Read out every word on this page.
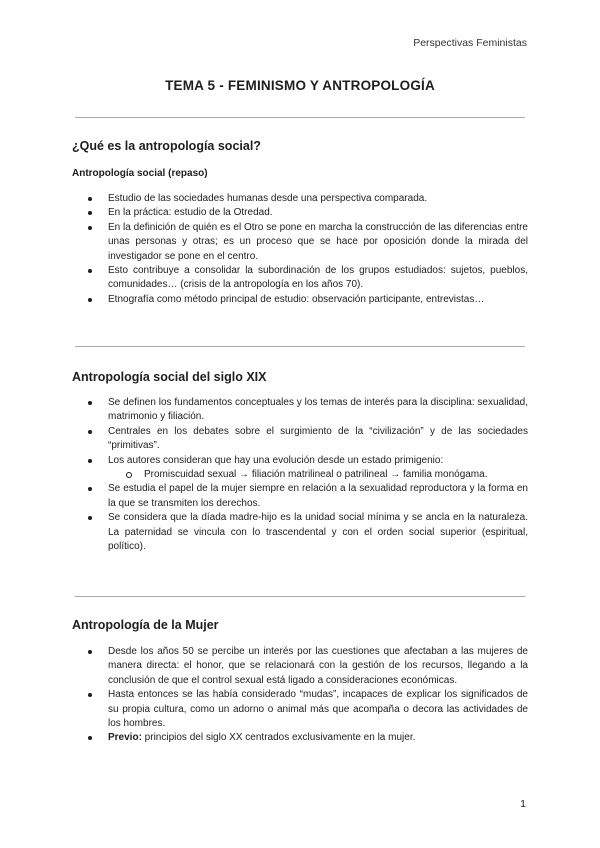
Perspectivas Feministas
TEMA 5 - FEMINISMO Y ANTROPOLOGÍA
¿Qué es la antropología social?
Antropología social (repaso)
Estudio de las sociedades humanas desde una perspectiva comparada.
En la práctica: estudio de la Otredad.
En la definición de quién es el Otro se pone en marcha la construcción de las diferencias entre unas personas y otras; es un proceso que se hace por oposición donde la mirada del investigador se pone en el centro.
Esto contribuye a consolidar la subordinación de los grupos estudiados: sujetos, pueblos, comunidades… (crisis de la antropología en los años 70).
Etnografía como método principal de estudio: observación participante, entrevistas…
Antropología social del siglo XIX
Se definen los fundamentos conceptuales y los temas de interés para la disciplina: sexualidad, matrimonio y filiación.
Centrales en los debates sobre el surgimiento de la “civilización” y de las sociedades “primitivas”.
Los autores consideran que hay una evolución desde un estado primigenio:
Promiscuidad sexual → filiación matrilineal o patrilineal → familia monógama.
Se estudia el papel de la mujer siempre en relación a la sexualidad reproductora y la forma en la que se transmiten los derechos.
Se considera que la díada madre-hijo es la unidad social mínima y se ancla en la naturaleza. La paternidad se vincula con lo trascendental y con el orden social superior (espiritual, político).
Antropología de la Mujer
Desde los años 50 se percibe un interés por las cuestiones que afectaban a las mujeres de manera directa: el honor, que se relacionará con la gestión de los recursos, llegando a la conclusión de que el control sexual está ligado a consideraciones económicas.
Hasta entonces se las había considerado “mudas”, incapaces de explicar los significados de su propia cultura, como un adorno o animal más que acompaña o decora las actividades de los hombres.
Previo: principios del siglo XX centrados exclusivamente en la mujer.
1
